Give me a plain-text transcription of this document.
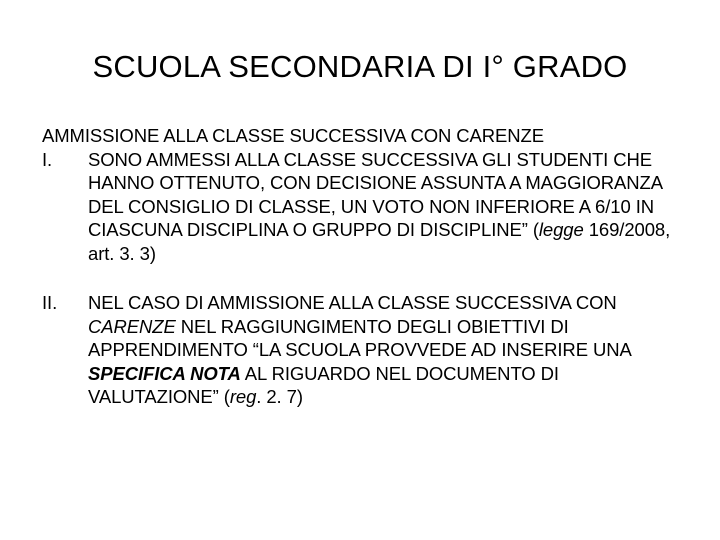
SCUOLA SECONDARIA DI I° GRADO

AMMISSIONE ALLA CLASSE SUCCESSIVA CON CARENZE

I.	SONO AMMESSI ALLA CLASSE SUCCESSIVA GLI STUDENTI CHE HANNO OTTENUTO, CON DECISIONE ASSUNTA A MAGGIORANZA DEL CONSIGLIO DI CLASSE, UN VOTO NON INFERIORE A 6/10 IN CIASCUNA DISCIPLINA O GRUPPO DI DISCIPLINE” (legge 169/2008, art. 3. 3)

II.	NEL CASO DI AMMISSIONE ALLA CLASSE SUCCESSIVA CON CARENZE NEL RAGGIUNGIMENTO DEGLI OBIETTIVI DI APPRENDIMENTO “LA SCUOLA PROVVEDE AD INSERIRE UNA SPECIFICA NOTA AL RIGUARDO NEL DOCUMENTO DI VALUTAZIONE” (reg. 2. 7)
